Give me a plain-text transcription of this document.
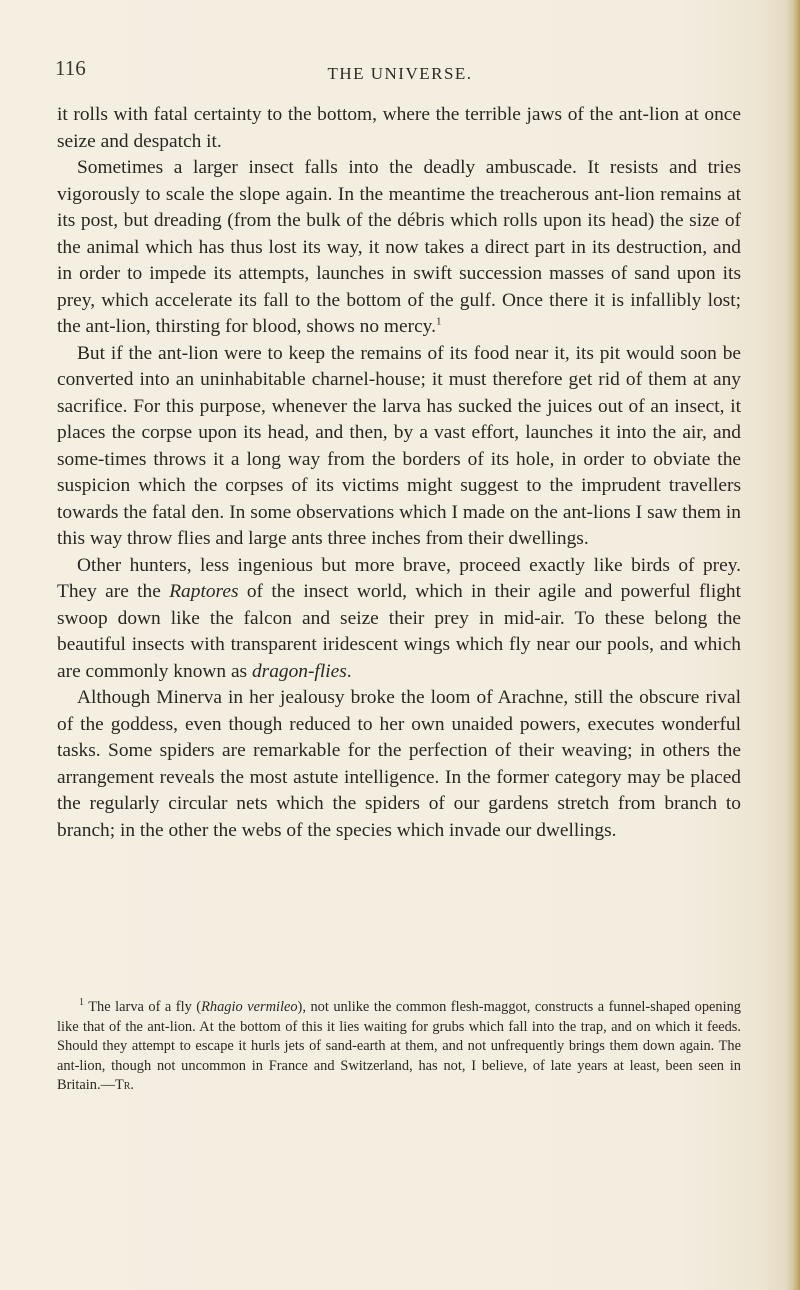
116	THE UNIVERSE.

it rolls with fatal certainty to the bottom, where the terrible jaws of the ant-lion at once seize and despatch it.

Sometimes a larger insect falls into the deadly ambuscade. It resists and tries vigorously to scale the slope again. In the meantime the treacherous ant-lion remains at its post, but dreading (from the bulk of the débris which rolls upon its head) the size of the animal which has thus lost its way, it now takes a direct part in its destruction, and in order to impede its attempts, launches in swift succession masses of sand upon its prey, which accelerate its fall to the bottom of the gulf. Once there it is infallibly lost; the ant-lion, thirsting for blood, shows no mercy.$^1$

But if the ant-lion were to keep the remains of its food near it, its pit would soon be converted into an uninhabitable charnel-house; it must therefore get rid of them at any sacrifice. For this purpose, whenever the larva has sucked the juices out of an insect, it places the corpse upon its head, and then, by a vast effort, launches it into the air, and some-times throws it a long way from the borders of its hole, in order to obviate the suspicion which the corpses of its victims might suggest to the imprudent travellers towards the fatal den. In some observations which I made on the ant-lions I saw them in this way throw flies and large ants three inches from their dwellings.

Other hunters, less ingenious but more brave, proceed exactly like birds of prey. They are the Raptores of the insect world, which in their agile and powerful flight swoop down like the falcon and seize their prey in mid-air. To these belong the beautiful insects with transparent iridescent wings which fly near our pools, and which are commonly known as dragon-flies.

Although Minerva in her jealousy broke the loom of Arachne, still the obscure rival of the goddess, even though reduced to her own unaided powers, executes wonderful tasks. Some spiders are remarkable for the perfection of their weaving; in others the arrangement reveals the most astute intelligence. In the former category may be placed the regularly circular nets which the spiders of our gardens stretch from branch to branch; in the other the webs of the species which invade our dwellings.

$^1$ The larva of a fly (Rhagio vermileo), not unlike the common flesh-maggot, constructs a funnel-shaped opening like that of the ant-lion. At the bottom of this it lies waiting for grubs which fall into the trap, and on which it feeds. Should they attempt to escape it hurls jets of sand-earth at them, and not unfrequently brings them down again. The ant-lion, though not uncommon in France and Switzerland, has not, I believe, of late years at least, been seen in Britain.—Tr.
